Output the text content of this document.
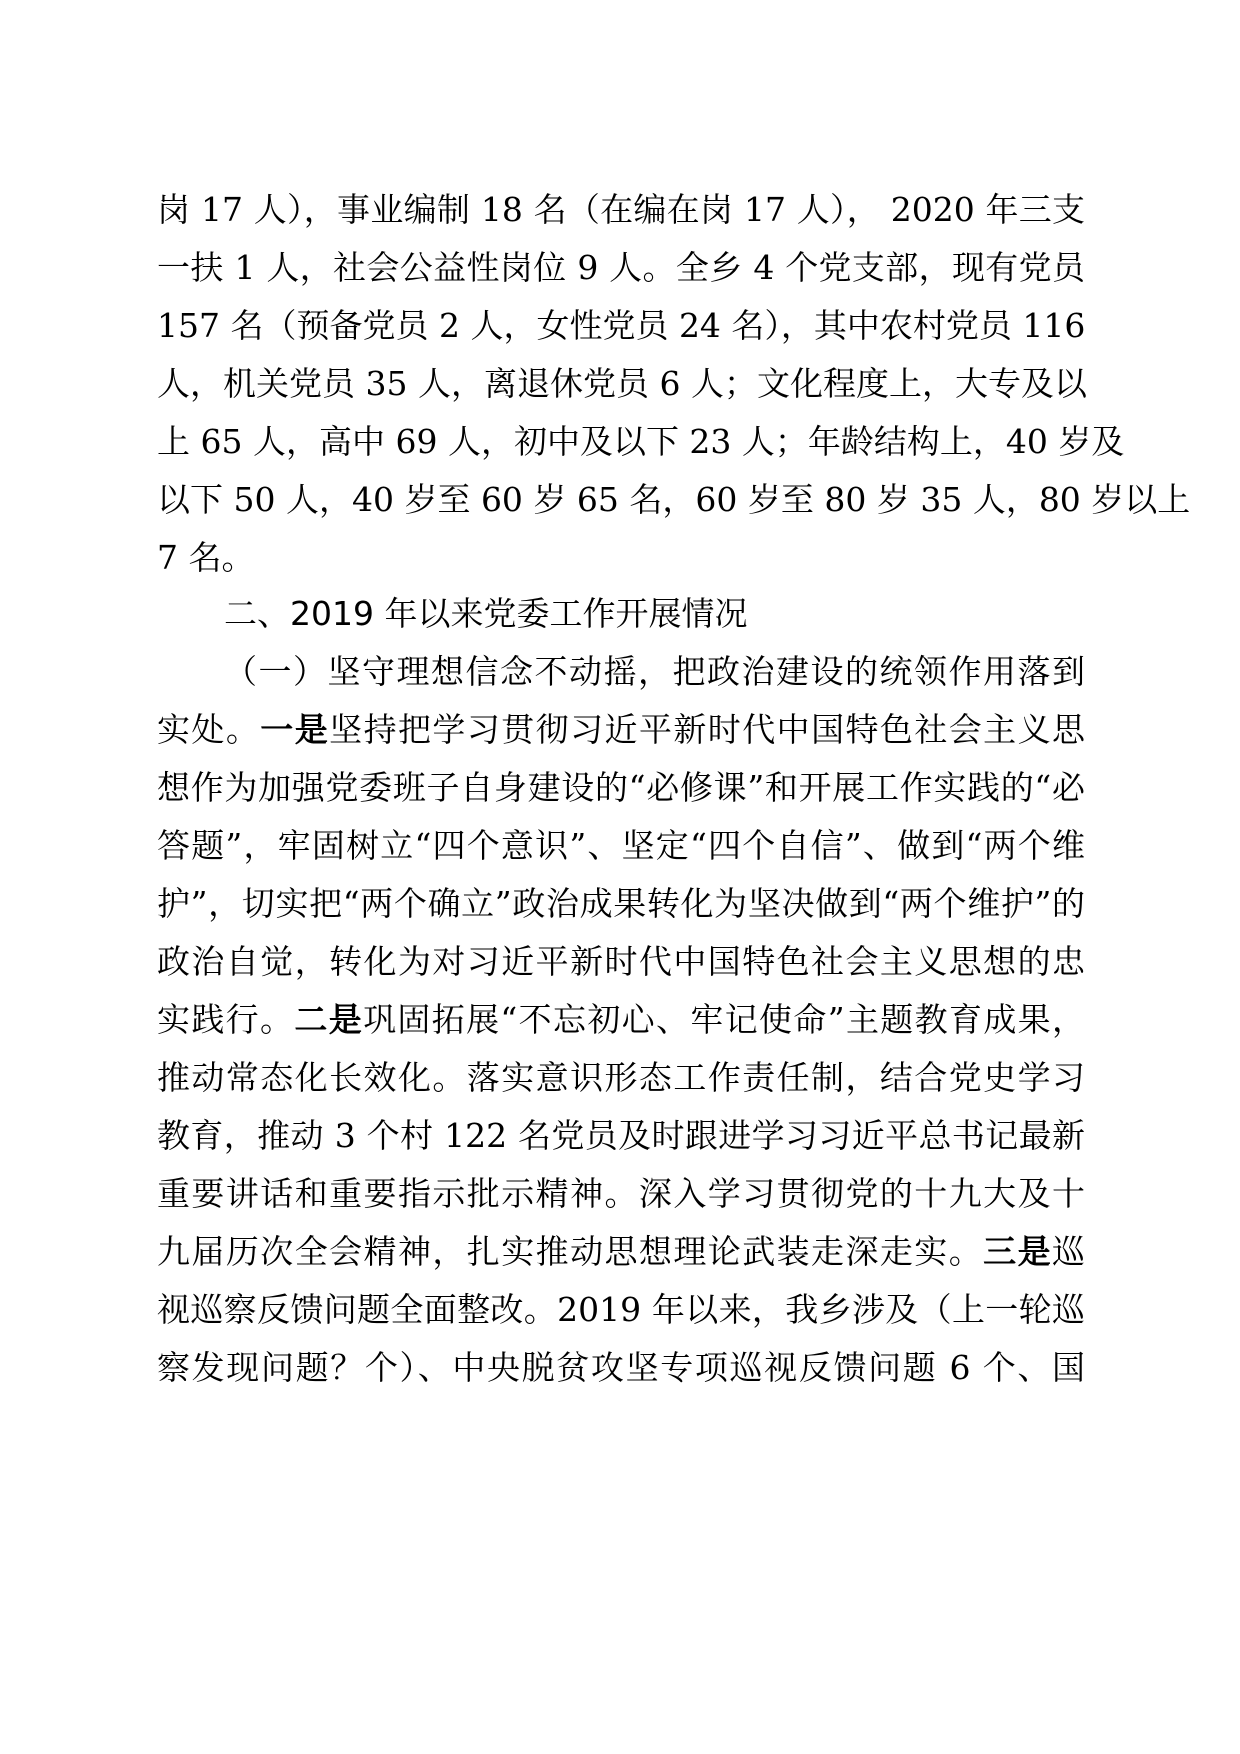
岗 17 人），事业编制 18 名（在编在岗 17 人）， 2020 年三支
一扶 1 人，社会公益性岗位 9 人。全乡 4 个党支部，现有党员
157 名（预备党员 2 人，女性党员 24 名），其中农村党员 116
人，机关党员 35 人，离退休党员 6 人；文化程度上，大专及以
上 65 人，高中 69 人，初中及以下 23 人；年龄结构上，40 岁及
以下 50 人，40 岁至 60 岁 65 名，60 岁至 80 岁 35 人，80 岁以上
7 名。
二、2019 年以来党委工作开展情况
（一）坚守理想信念不动摇，把政治建设的统领作用落到
实处。一是坚持把学习贯彻习近平新时代中国特色社会主义思
想作为加强党委班子自身建设的“必修课”和开展工作实践的“必
答题”，牢固树立“四个意识”、坚定“四个自信”、做到“两个维
护”，切实把“两个确立”政治成果转化为坚决做到“两个维护”的
政治自觉，转化为对习近平新时代中国特色社会主义思想的忠
实践行。二是巩固拓展“不忘初心、牢记使命”主题教育成果，
推动常态化长效化。落实意识形态工作责任制，结合党史学习
教育，推动 3 个村 122 名党员及时跟进学习习近平总书记最新
重要讲话和重要指示批示精神。深入学习贯彻党的十九大及十
九届历次全会精神，扎实推动思想理论武装走深走实。三是巡
视巡察反馈问题全面整改。2019 年以来，我乡涉及（上一轮巡
察发现问题？个）、中央脱贫攻坚专项巡视反馈问题 6 个、国
